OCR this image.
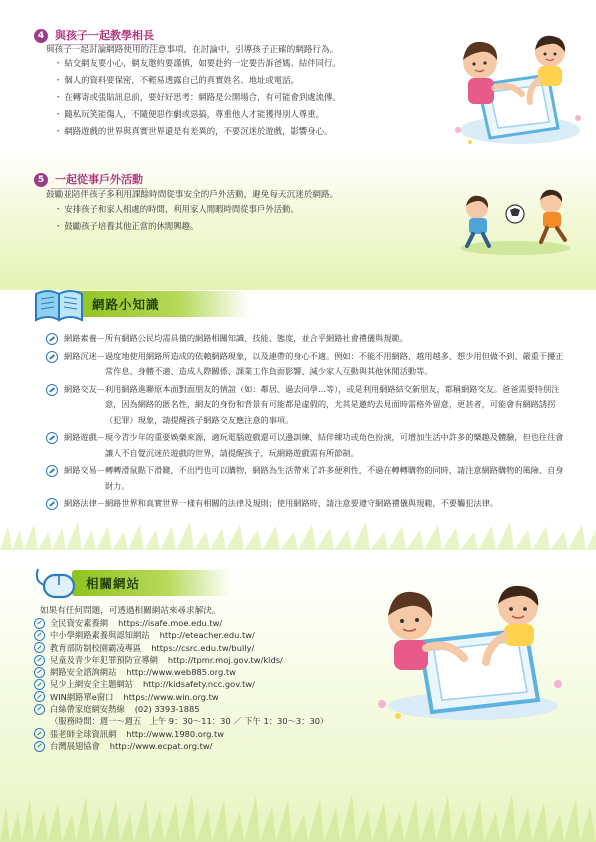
4 與孩子一起教學相長
與孩子一起討論網路使用的注意事項，在討論中，引導孩子正確的網路行為。
・ 結交網友要小心，網友邀約要謹慎，如要赴約一定要告訴爸媽、結伴同行。
・ 個人的資料要保密，不輕易透露自己的真實姓名、地址或電話。
・ 在轉寄或張貼訊息前，要好好思考：網路是公開場合，有可能會到處流傳。
・ 隨私玩笑能傷人，不隨便惡作劇或惡搞，尊重他人才能獲得別人尊重。
・ 網路遊戲的世界與真實世界還是有差異的，不要沉迷於遊戲，影響身心。
5 一起從事戶外活動
鼓勵並陪伴孩子多利用課餘時間從事安全的戶外活動，避免每天沉迷於網路。
・ 安排孩子和家人相處的時間，利用家人閒暇時間從事戶外活動。
・ 鼓勵孩子培養其他正當的休閒興趣。
網路小知識
網路素養－ 所有網路公民均需具備的網路相關知識、技能、態度，並合乎網路社會禮儀與規範。
網路沉迷－ 過度地使用網路所造成的依賴網路現象，以及連帶的身心不適。例如：不能不用網路、越用越多、想少用但做不到、嚴重干擾正常作息、身體不適、造成人際關係、課業工作負面影響、減少家人互動與其他休閒活動等。
網路交友－ 利用網路進聯原本面對面朋友的情誼（如：鄰居、過去同學…等），或是利用網路結交新朋友，都稱網路交友。爸爸需要特別注意，因為網路的匿名性，網友的身份和背景有可能都是虛假的，尤其是邀約去見面時需格外留意，更甚者，可能會有網路誘拐（犯罪）現象，請提醒孩子網路交友應注意的事項。
網路遊戲－ 現今青少年的重要娛樂來源，適玩電腦遊戲還可以邊訓練、結伴練功或角色扮演，可增加生活中許多的樂趣及體驗，但也往往會讓人不自覺沉迷於遊戲的世界，請提醒孩子，玩網路遊戲需有所節制。
網路交易－ 轉轉滑鼠點下滑鍵，不出門也可以購物，網路為生活帶來了許多便利性，不過在轉轉購物的同時，請注意網路購物的風險、自身財力。
網路法律－ 網路世界和真實世界一樣有相關的法律及規則；使用網路時，請注意要遵守網路禮儀與規範，不要觸犯法律。
相關網站
如果有任何問題，可透過相關網站來尋求解決。
全民資安素養網 https://isafe.moe.edu.tw/
中小學網路素養與認知網站 http://eteacher.edu.tw/
教育部防制校園霸凌專區 https://csrc.edu.tw/bully/
兒童及青少年犯罪預防宣導網 http://tpmr.moj.gov.tw/kids/
網路安全諮詢網站 http://www.web885.org.tw
兒少上網安全主題網站 http://kidsafety.ncc.gov.tw/
WIN網路單e窗口 https://www.win.org.tw
白絲帶家庭網安熱線 (02) 3393-1885
（服務時間：週一～週五　上午 9：30～11：30 ／ 下午 1：30～3：30）
張老師全球資訊網 http://www.1980.org.tw
台灣展翅協會 http://www.ecpat.org.tw/
